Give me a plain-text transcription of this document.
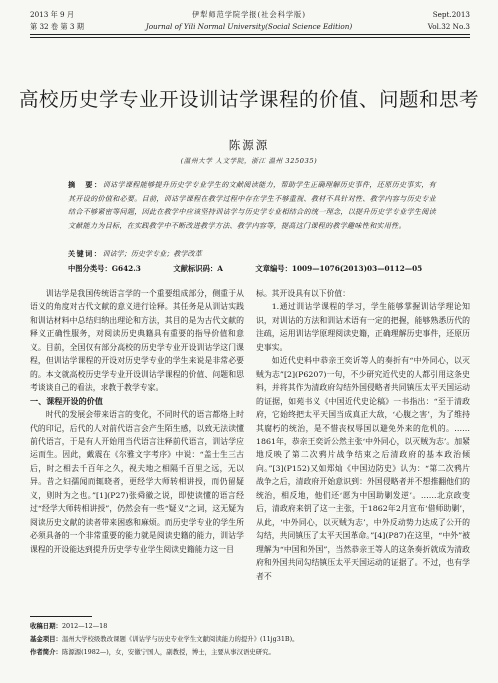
2013 年 9 月	伊犁师范学院学报(社会科学版)	Sept.2013
第 32 卷 第 3 期	Journal of Yili Normal University(Social Science Edition)	Vol.32 No.3
高校历史学专业开设训诂学课程的价值、问题和思考
陈源源
(温州大学 人文学院，浙江 温州 325035)
摘　要：训诂学课程能够提升历史学专业学生的文献阅读能力，帮助学生正确理解历史事件，还原历史事实，有其开设的价值和必要。目前，训诂学课程在教学过程中存在学生不够重视、教材不具针对性、教学内容与历史专业结合不够紧密等问题，因此在教学中应该坚持训诂学与历史学专业相结合的统一理念，以提升历史学专业学生阅读文献能力为目标，在实践教学中不断改进教学方法、教学内容等，提高这门课程的教学趣味性和实用性。
关键词：训诂学；历史学专业；教学改革
中图分类号：G642.3	文献标识码：A	文章编号：1009—1076(2013)03—0112—05

训诂学是我国传统语言学的一个重要组成部分，侧重于从语义的角度对古代文献的意义进行诠释。其任务是从训诂实践和训诂材料中总结归纳出理论和方法，其目的是为古代文献的释义正确性服务，对阅读历史典籍具有重要的指导价值和意义。目前，全国仅有部分高校的历史学专业开设训诂学这门课程，但训诂学课程的开设对历史学专业的学生来说是非常必要的。本文就高校历史学专业开设训诂学课程的价值、问题和思考谈谈自己的看法，求教于教学专家。

一、课程开设的价值

时代的发展会带来语言的变化，不同时代的语言都烙上时代的印记，后代的人对前代语言会产生陌生感，以致无法读懂前代语言，于是有人开始用当代语言注释前代语言，训诂学应运而生。因此，戴震在《尔雅文字考序》中说：“盖士生三古后，时之相去千百年之久，视夫地之相隔千百里之远，无以异。昔之妇孺闻而辄晓者，更经学大师转相讲授，而仍留疑义，则时为之也。”[1](P27)张舜徽之说，即使读懂的语言经过“经学大师转相讲授”，仍然会有一些“疑义”之词，这无疑为阅读历史文献的读者带来困惑和麻烦。而历史学专业的学生所必须具备的一个非常重要的能力就是阅读史籍的能力，训诂学课程的开设能达到提升历史学专业学生阅读史籍能力这一目

标。其开设具有以下价值：

1.通过训诂学课程的学习，学生能够掌握训诂学理论知识，对训诂的方法和训诂术语有一定的把握，能够熟悉历代的注疏，运用训诂学原理阅读史籍，正确理解历史事件，还原历史事实。

如近代史料中恭亲王奕䜣等人的奏折有“中外同心，以灭贼为志”[2](P6207)一句，不少研究近代史的人都引用这条史料，并将其作为清政府勾结外国侵略者共同镇压太平天国运动的证据，如苑书义《中国近代史论稿》一书指出：“至于清政府，它始终把太平天国当成真正大敌，‘心腹之害’，为了维持其腐朽的统治，是不惜丧权辱国以避免外来的危机的。……1861年，恭亲王奕䜣公然主张‘中外同心，以灭贼为志’。加紧地反映了第二次鸦片战争结束之后清政府的基本政治倾向。”[3](P152)又如郑灿《中国边防史》认为：“第二次鸦片战争之后，清政府开始意识到：外国侵略者并不想推翻他们的统治，相反地，他们还‘愿为中国助剿发逆’。……北京政变后，清政府来钥了这一主张，于1862年2月宣布‘借师助剿’，从此，‘中外同心，以灭贼为志’，中外反动势力达成了公开的勾结，共同镇压了太平天国革命。”[4](P87)在这里，“中外”被理解为“中国和外国”，当然恭亲王等人的这条奏折就成为清政府和外国共同勾结镇压太平天国运动的证据了。不过，也有学者不

收稿日期：2012—12—18
基金项目：温州大学校级教改课题《训诂学与历史专业学生文献阅读能力的提升》(11jg31B)。
作者简介：陈源源(1982—)，女，安徽宁国人，副教授，博士，主要从事汉语史研究。
